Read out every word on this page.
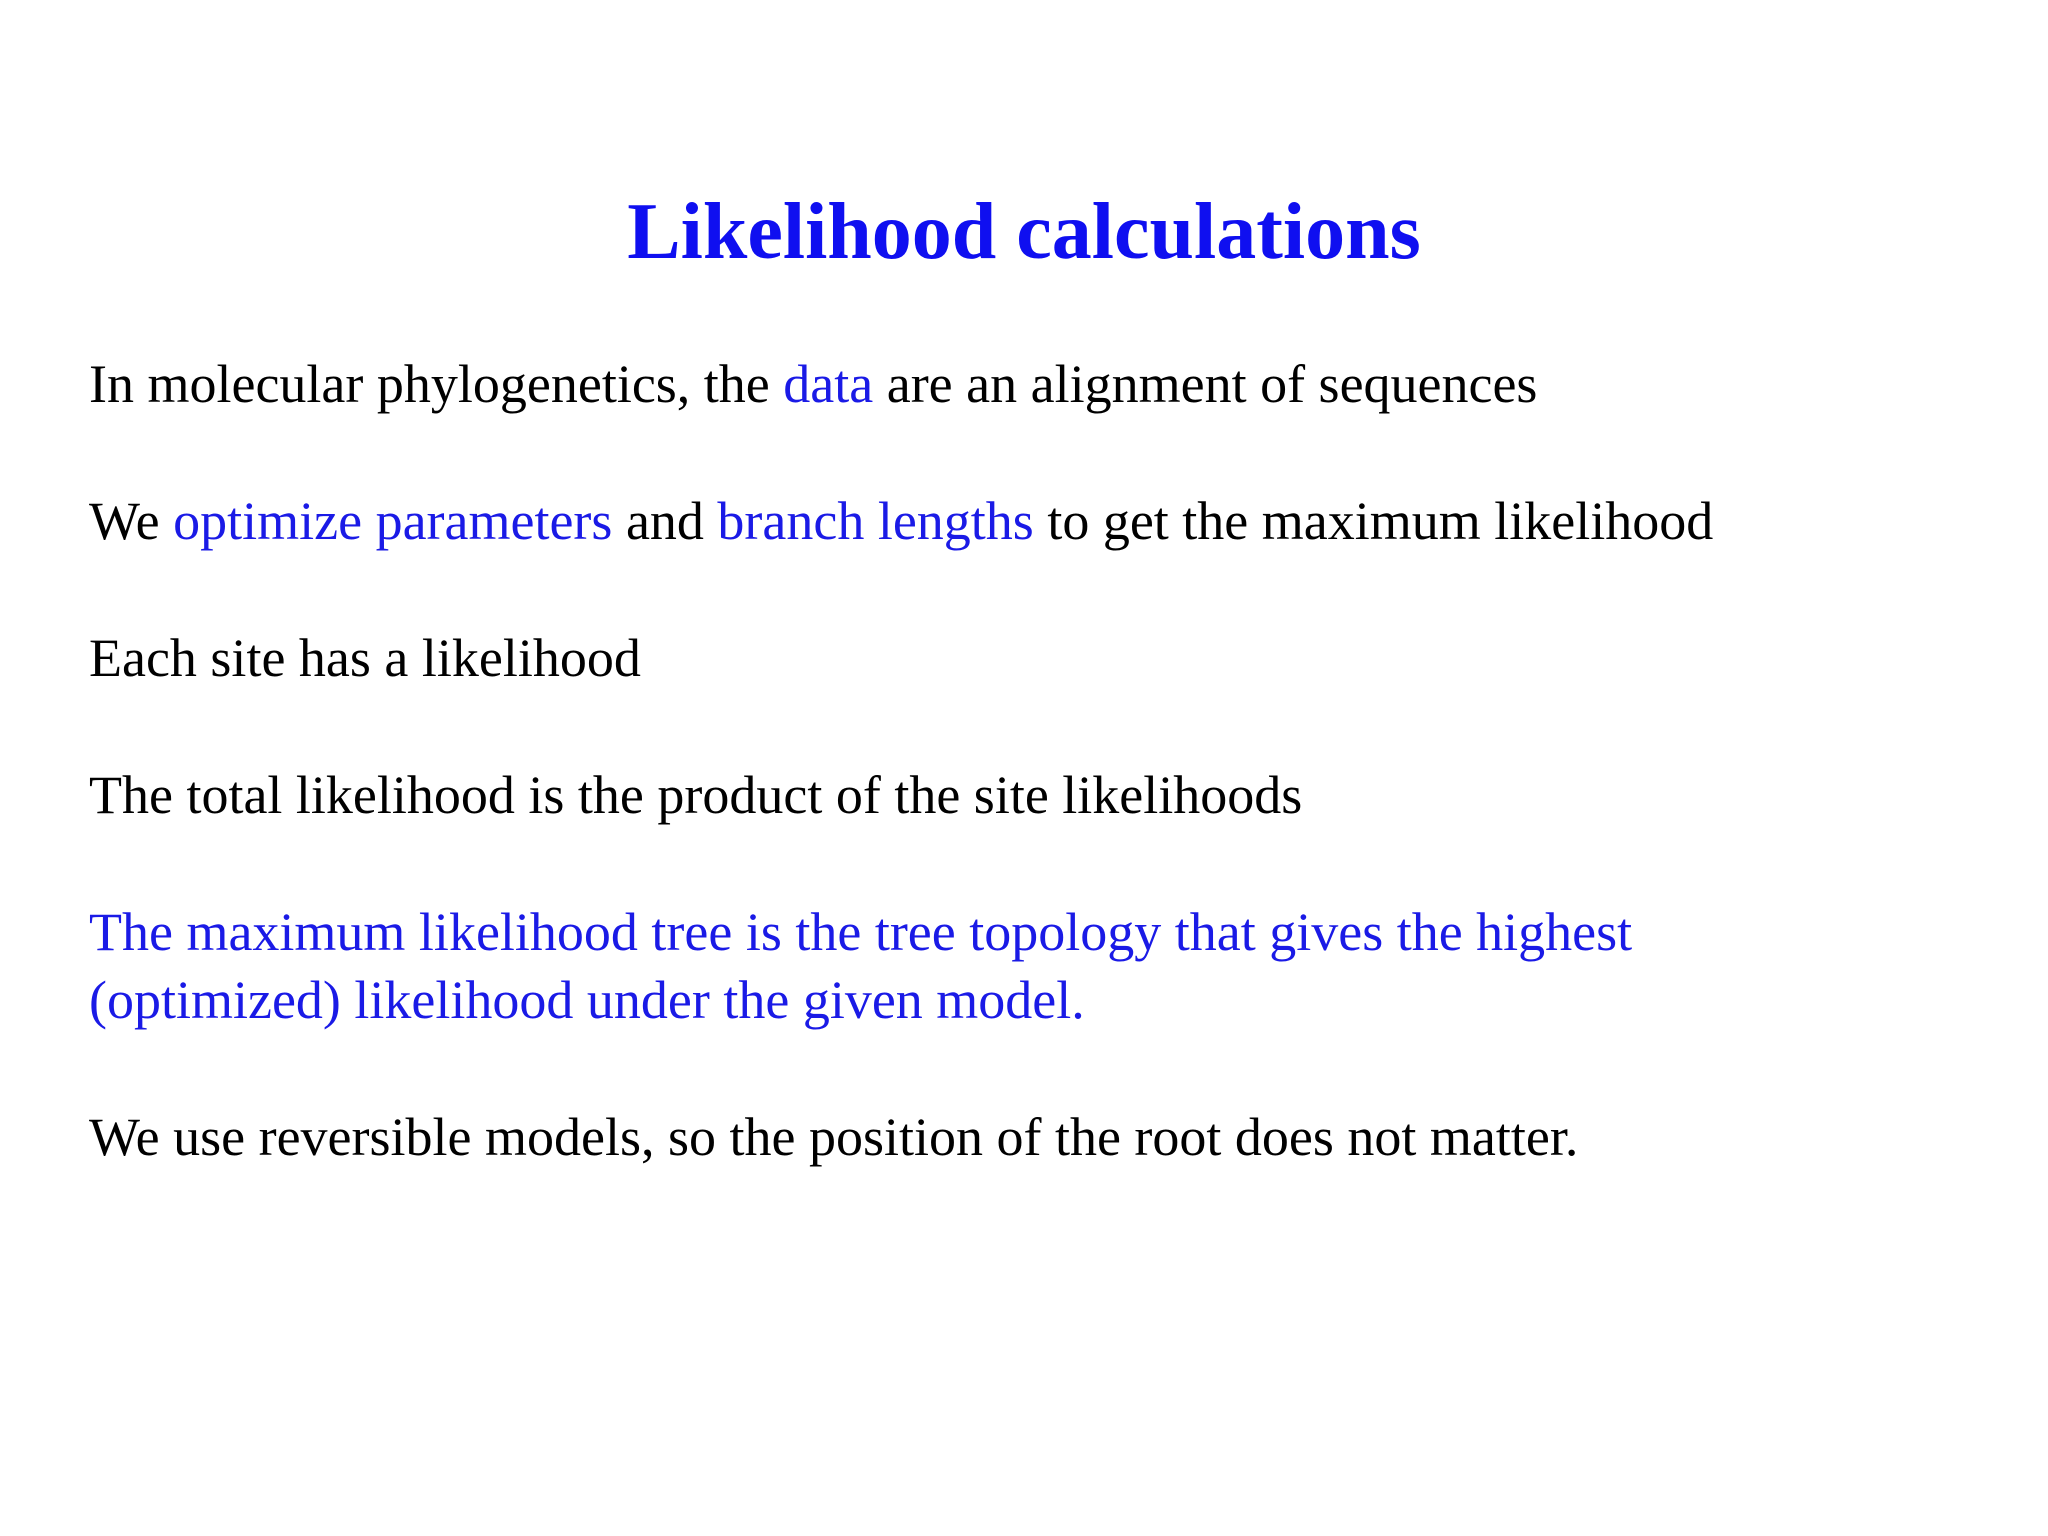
Likelihood calculations

In molecular phylogenetics, the data are an alignment of sequences

We optimize parameters and branch lengths to get the maximum likelihood

Each site has a likelihood

The total likelihood is the product of the site likelihoods

The maximum likelihood tree is the tree topology that gives the highest

(optimized) likelihood under the given model.

We use reversible models, so the position of the root does not matter.
